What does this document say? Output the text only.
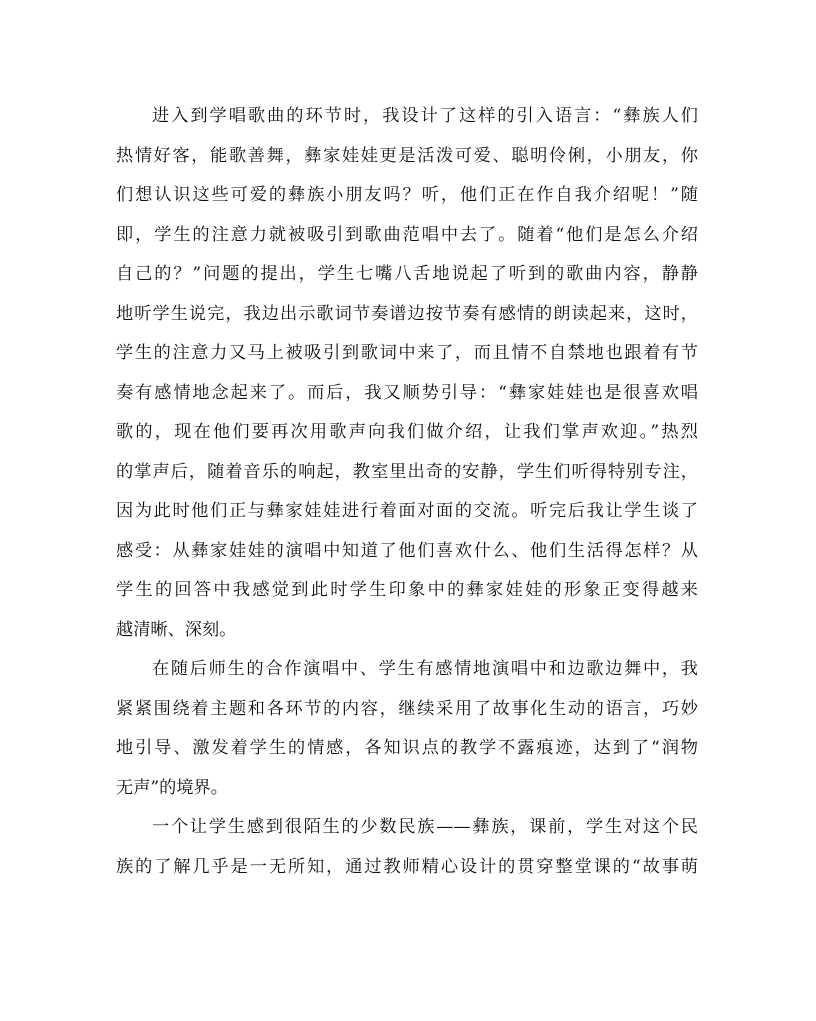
进入到学唱歌曲的环节时，我设计了这样的引入语言：“彝族人们
热情好客，能歌善舞，彝家娃娃更是活泼可爱、聪明伶俐，小朋友，你
们想认识这些可爱的彝族小朋友吗？听，他们正在作自我介绍呢！”随
即，学生的注意力就被吸引到歌曲范唱中去了。随着“他们是怎么介绍
自己的？”问题的提出，学生七嘴八舌地说起了听到的歌曲内容，静静
地听学生说完，我边出示歌词节奏谱边按节奏有感情的朗读起来，这时，
学生的注意力又马上被吸引到歌词中来了，而且情不自禁地也跟着有节
奏有感情地念起来了。而后，我又顺势引导：“彝家娃娃也是很喜欢唱
歌的，现在他们要再次用歌声向我们做介绍，让我们掌声欢迎。”热烈
的掌声后，随着音乐的响起，教室里出奇的安静，学生们听得特别专注，
因为此时他们正与彝家娃娃进行着面对面的交流。听完后我让学生谈了
感受：从彝家娃娃的演唱中知道了他们喜欢什么、他们生活得怎样？从
学生的回答中我感觉到此时学生印象中的彝家娃娃的形象正变得越来
越清晰、深刻。
在随后师生的合作演唱中、学生有感情地演唱中和边歌边舞中，我
紧紧围绕着主题和各环节的内容，继续采用了故事化生动的语言，巧妙
地引导、激发着学生的情感，各知识点的教学不露痕迹，达到了“润物
无声”的境界。
一个让学生感到很陌生的少数民族——彝族，课前，学生对这个民
族的了解几乎是一无所知，通过教师精心设计的贯穿整堂课的“故事萌
